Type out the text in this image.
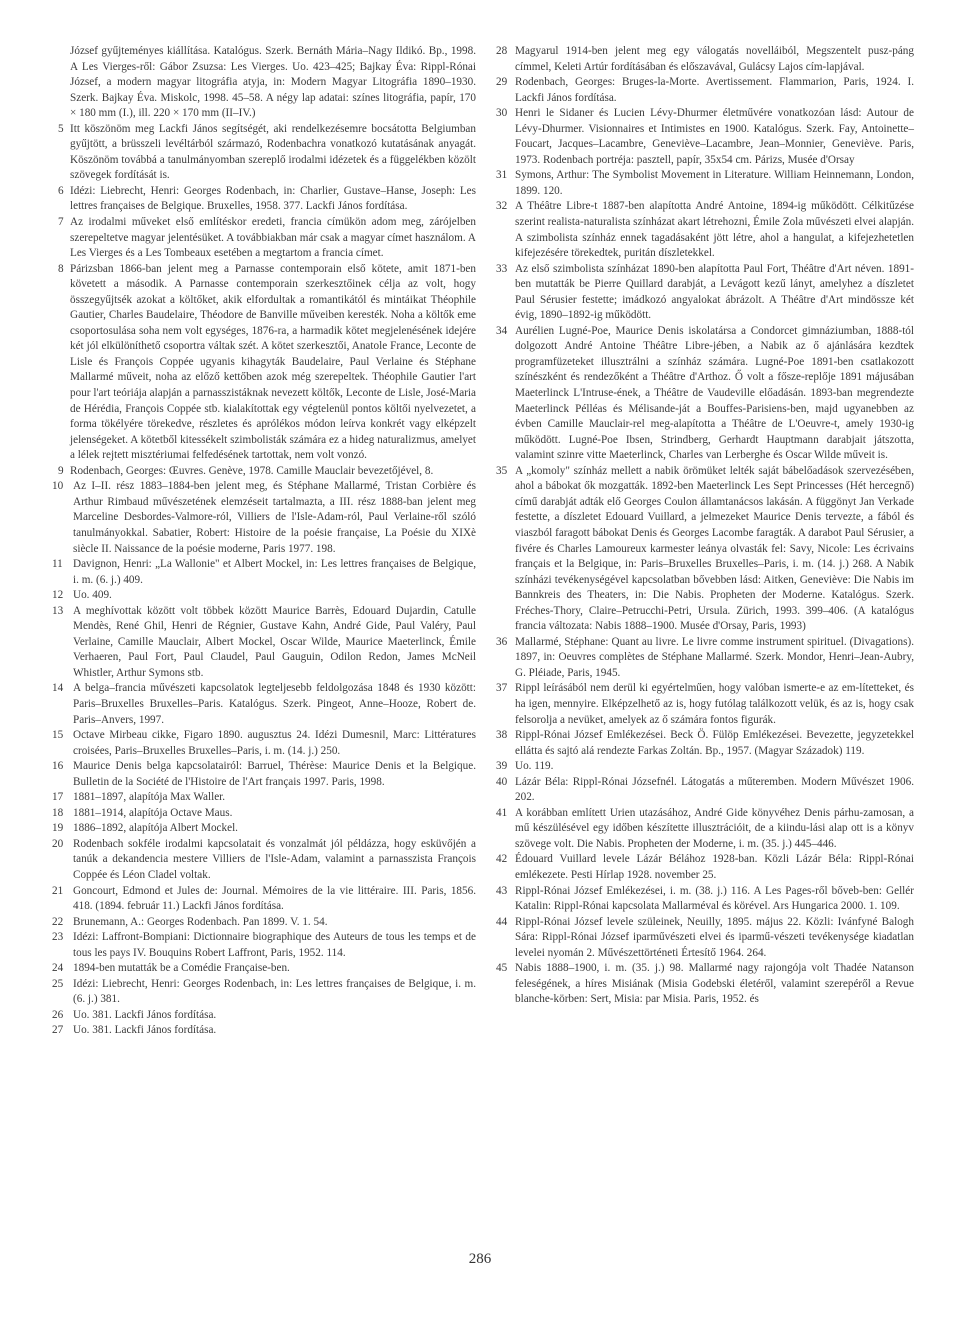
József gyűjteményes kiállítása. Katalógus. Szerk. Bernáth Mária–Nagy Ildikó. Bp., 1998. A Les Vierges-ről: Gábor Zsuzsa: Les Vierges. Uo. 423–425; Bajkay Éva: Rippl-Rónai József, a modern magyar litográfia atyja, in: Modern Magyar Litográfia 1890–1930. Szerk. Bajkay Éva. Miskolc, 1998. 45–58. A négy lap adatai: színes litográfia, papír, 170 × 180 mm (I.), ill. 220 × 170 mm (II–IV.)

5 Itt köszönöm meg Lackfi János segítségét, aki rendelkezésemre bocsátotta Belgiumban gyűjtött, a brüsszeli levéltárból származó, Rodenbachra vonatkozó kutatásának anyagát. Köszönöm továbbá a tanulmányomban szereplő irodalmi idézetek és a függelékben közölt szövegek fordítását is.

6 Idézi: Liebrecht, Henri: Georges Rodenbach, in: Charlier, Gustave–Hanse, Joseph: Les lettres françaises de Belgique. Bruxelles, 1958. 377. Lackfi János fordítása.

7 Az irodalmi műveket első említéskor eredeti, francia címükön adom meg, zárójelben szerepeltetve magyar jelentésüket. A továbbiakban már csak a magyar címet használom. A Les Vierges és a Les Tombeaux esetében a megtartom a francia címet.

8 Párizsban 1866-ban jelent meg a Parnasse contemporain első kötete, amit 1871-ben követett a második. A Parnasse contemporain szerkesztőinek célja az volt, hogy összegyűjtsék azokat a költőket, akik elfordultak a romantikától és mintáikat Théophile Gautier, Charles Baudelaire, Théodore de Banville műveiben keresték. Noha a költők eme csoportosulása soha nem volt egységes, 1876-ra, a harmadik kötet megjelenésének idejére két jól elkülöníthető csoportra váltak szét. A kötet szerkesztői, Anatole France, Leconte de Lisle és François Coppée ugyanis kihagyták Baudelaire, Paul Verlaine és Stéphane Mallarmé műveit, noha az előző kettőben azok még szerepeltek. Théophile Gautier l'art pour l'art teóriája alapján a parnasszistáknak nevezett költők, Leconte de Lisle, José-Maria de Hérédia, François Coppée stb. kialakítottak egy végtelenül pontos költői nyelvezetet, a forma tökélyére törekedve, részletes és aprólékos módon leírva konkrét vagy elképzelt jelenségeket. A kötetből kitessékelt szimbolisták számára ez a hideg naturalizmus, amelyet a lélek rejtett misztériumai felfedésének tartottak, nem volt vonzó.

9 Rodenbach, Georges: Œuvres. Genève, 1978. Camille Mauclair bevezetőjével, 8.

10 Az I–II. rész 1883–1884-ben jelent meg, és Stéphane Mallarmé, Tristan Corbière és Arthur Rimbaud művészetének elemzéseit tartalmazta, a III. rész 1888-ban jelent meg Marceline Desbordes-Valmore-ról, Villiers de l'Isle-Adam-ról, Paul Verlaine-ről szóló tanulmányokkal. Sabatier, Robert: Histoire de la poésie française, La Poésie du XIXè siècle II. Naissance de la poésie moderne, Paris 1977. 198.

11 Davignon, Henri: „La Wallonie" et Albert Mockel, in: Les lettres françaises de Belgique, i. m. (6. j.) 409.

12 Uo. 409.

13 A meghívottak között volt többek között Maurice Barrès, Edouard Dujardin, Catulle Mendès, René Ghil, Henri de Régnier, Gustave Kahn, André Gide, Paul Valéry, Paul Verlaine, Camille Mauclair, Albert Mockel, Oscar Wilde, Maurice Maeterlinck, Émile Verhaeren, Paul Fort, Paul Claudel, Paul Gauguin, Odilon Redon, James McNeil Whistler, Arthur Symons stb.

14 A belga–francia művészeti kapcsolatok legteljesebb feldolgozása 1848 és 1930 között: Paris–Bruxelles Bruxelles–Paris. Katalógus. Szerk. Pingeot, Anne–Hooze, Robert de. Paris–Anvers, 1997.

15 Octave Mirbeau cikke, Figaro 1890. augusztus 24. Idézi Dumesnil, Marc: Littératures croisées, Paris–Bruxelles Bruxelles–Paris, i. m. (14. j.) 250.

16 Maurice Denis belga kapcsolatairól: Barruel, Thérèse: Maurice Denis et la Belgique. Bulletin de la Société de l'Histoire de l'Art français 1997. Paris, 1998.

17 1881–1897, alapítója Max Waller.

18 1881–1914, alapítója Octave Maus.

19 1886–1892, alapítója Albert Mockel.

20 Rodenbach sokféle irodalmi kapcsolatait és vonzalmát jól példázza, hogy esküvőjén a tanúk a dekandencia mestere Villiers de l'Isle-Adam, valamint a parnasszista François Coppée és Léon Cladel voltak.

21 Goncourt, Edmond et Jules de: Journal. Mémoires de la vie littéraire. III. Paris, 1856. 418. (1894. február 11.) Lackfi János fordítása.

22 Brunemann, A.: Georges Rodenbach. Pan 1899. V. 1. 54.

23 Idézi: Laffront-Bompiani: Dictionnaire biographique des Auteurs de tous les temps et de tous les pays IV. Bouquins Robert Laffront, Paris, 1952. 114.

24 1894-ben mutatták be a Comédie Française-ben.

25 Idézi: Liebrecht, Henri: Georges Rodenbach, in: Les lettres françaises de Belgique, i. m. (6. j.) 381.

26 Uo. 381. Lackfi János fordítása.

27 Uo. 381. Lackfi János fordítása.

28 Magyarul 1914-ben jelent meg egy válogatás novelláiból, Megszentelt pusz-páng címmel, Keleti Artúr fordításában és előszavával, Gulácsy Lajos cím-lapjával.

29 Rodenbach, Georges: Bruges-la-Morte. Avertissement. Flammarion, Paris, 1924. I. Lackfi János fordítása.

30 Henri le Sidaner és Lucien Lévy-Dhurmer életművére vonatkozóan lásd: Autour de Lévy-Dhurmer. Visionnaires et Intimistes en 1900. Katalógus. Szerk. Fay, Antoinette–Foucart, Jacques–Lacambre, Geneviève–Lacambre, Jean–Monnier, Geneviève. Paris, 1973. Rodenbach portréja: pasztell, papír, 35x54 cm. Párizs, Musée d'Orsay

31 Symons, Arthur: The Symbolist Movement in Literature. William Heinnemann, London, 1899. 120.

32 A Théâtre Libre-t 1887-ben alapította André Antoine, 1894-ig működött. Célkitűzése szerint realista-naturalista színházat akart létrehozni, Émile Zola művészeti elvei alapján. A szimbolista színház ennek tagadásaként jött létre, ahol a hangulat, a kifejezhetetlen kifejezésére törekedtek, puritán díszletekkel.

33 Az első szimbolista színházat 1890-ben alapította Paul Fort, Théâtre d'Art néven. 1891-ben mutatták be Pierre Quillard darabját, a Levágott kezű lányt, amelyhez a díszletet Paul Sérusier festette; imádkozó angyalokat ábrázolt. A Théâtre d'Art mindössze két évig, 1890–1892-ig működött.

34 Aurélien Lugné-Poe, Maurice Denis iskolatársa a Condorcet gimnáziumban, 1888-tól dolgozott André Antoine Théâtre Libre-jében, a Nabik az ő ajánlására kezdtek programfüzeteket illusztrálni a színház számára. Lugné-Poe 1891-ben csatlakozott színészként és rendezőként a Théâtre d'Arthoz. Ő volt a fősze-replője 1891 májusában Maeterlinck L'Intruse-ének, a Théâtre de Vaudeville előadásán. 1893-ban megrendezte Maeterlinck Pélléas és Mélisande-ját a Bouffes-Parisiens-ben, majd ugyanebben az évben Camille Mauclair-rel meg-alapította a Théâtre de L'Oeuvre-t, amely 1930-ig működött. Lugné-Poe Ibsen, Strindberg, Gerhardt Hauptmann darabjait játszotta, valamint szinre vitte Maeterlinck, Charles van Lerberghe és Oscar Wilde műveit is.

35 A „komoly" színház mellett a nabik örömüket lelték saját bábelőadások szervezésében, ahol a bábokat ők mozgatták. 1892-ben Maeterlinck Les Sept Princesses (Hét hercegnő) című darabját adták elő Georges Coulon államtanácsos lakásán. A függönyt Jan Verkade festette, a díszletet Edouard Vuillard, a jelmezeket Maurice Denis tervezte, a fából és viaszból faragott bábokat Denis és Georges Lacombe faragták. A darabot Paul Sérusier, a fivére és Charles Lamoureux karmester leánya olvasták fel: Savy, Nicole: Les écrivains français et la Belgique, in: Paris–Bruxelles Bruxelles–Paris, i. m. (14. j.) 268. A Nabik színházi tevékenységével kapcsolatban bővebben lásd: Aitken, Geneviève: Die Nabis im Bannkreis des Theaters, in: Die Nabis. Propheten der Moderne. Katalógus. Szerk. Fréches-Thory, Claire–Petrucchi-Petri, Ursula. Zürich, 1993. 399–406. (A katalógus francia változata: Nabis 1888–1900. Musée d'Orsay, Paris, 1993)

36 Mallarmé, Stéphane: Quant au livre. Le livre comme instrument spirituel. (Divagations). 1897, in: Oeuvres complètes de Stéphane Mallarmé. Szerk. Mondor, Henri–Jean-Aubry, G. Pléiade, Paris, 1945.

37 Rippl leírásából nem derül ki egyértelműen, hogy valóban ismerte-e az em-lítetteket, és ha igen, mennyire. Elképzelhető az is, hogy futólag találkozott velük, és az is, hogy csak felsorolja a nevüket, amelyek az ő számára fontos figurák.

38 Rippl-Rónai József Emlékezései. Beck Ö. Fülöp Emlékezései. Bevezette, jegyzetekkel ellátta és sajtó alá rendezte Farkas Zoltán. Bp., 1957. (Magyar Századok) 119.

39 Uo. 119.

40 Lázár Béla: Rippl-Rónai Józsefnél. Látogatás a műteremben. Modern Művészet 1906. 202.

41 A korábban említett Urien utazásához, André Gide könyvéhez Denis párhu-zamosan, a mű készülésével egy időben készítette illusztrációit, de a kiindu-lási alap ott is a könyv szövege volt. Die Nabis. Propheten der Moderne, i. m. (35. j.) 445–446.

42 Édouard Vuillard levele Lázár Bélához 1928-ban. Közli Lázár Béla: Rippl-Rónai emlékezete. Pesti Hírlap 1928. november 25.

43 Rippl-Rónai József Emlékezései, i. m. (38. j.) 116. A Les Pages-ről bőveb-ben: Gellér Katalin: Rippl-Rónai kapcsolata Mallarméval és körével. Ars Hungarica 2000. 1. 109.

44 Rippl-Rónai József levele szüleinek, Neuilly, 1895. május 22. Közli: Ivánfyné Balogh Sára: Rippl-Rónai József iparművészeti elvei és iparmű-vészeti tevékenysége kiadatlan levelei nyomán 2. Művészettörténeti Értesítő 1964. 264.

45 Nabis 1888–1900, i. m. (35. j.) 98. Mallarmé nagy rajongója volt Thadée Natanson feleségének, a híres Misiának (Misia Godebski életéről, valamint szerepéről a Revue blanche-körben: Sert, Misia: par Misia. Paris, 1952. és

286
